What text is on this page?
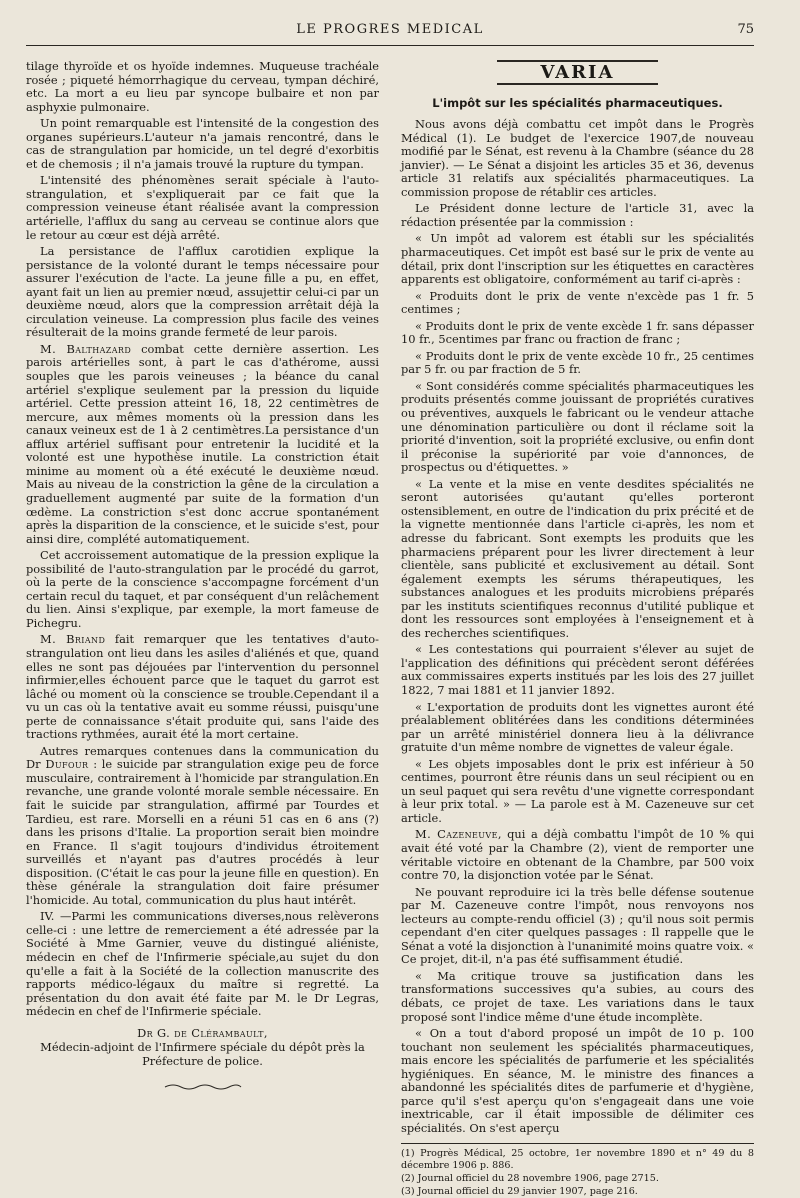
LE PROGRES MEDICAL	75

tilage thyroïde et os hyoïde indemnes. Muqueuse trachéale rosée ; piqueté hémorrhagique du cerveau, tympan déchiré, etc. La mort a eu lieu par syncope bulbaire et non par asphyxie pulmonaire.

Un point remarquable est l'intensité de la congestion des organes supérieurs.L'auteur n'a jamais rencontré, dans le cas de strangulation par homicide, un tel degré d'exorbitis et de chemosis ; il n'a jamais trouvé la rupture du tympan.

L'intensité des phénomènes serait spéciale à l'auto-strangulation, et s'expliquerait par ce fait que la compression veineuse étant réalisée avant la compression artérielle, l'afflux du sang au cerveau se continue alors que le retour au cœur est déjà arrêté.

La persistance de l'afflux carotidien explique la persistance de la volonté durant le temps nécessaire pour assurer l'exécution de l'acte. La jeune fille a pu, en effet, ayant fait un lien au premier nœud, assujettir celui-ci par un deuxième nœud, alors que la compression arrêtait déjà la circulation veineuse. La compression plus facile des veines résulterait de la moins grande fermeté de leur parois.

M. Balthazard combat cette dernière assertion. Les parois artérielles sont, à part le cas d'athérome, aussi souples que les parois veineuses ; la béance du canal artériel s'explique seulement par la pression du liquide artériel. Cette pression atteint 16, 18, 22 centimètres de mercure, aux mêmes moments où la pression dans les canaux veineux est de 1 à 2 centimètres.La persistance d'un afflux artériel suffisant pour entretenir la lucidité et la volonté est une hypothèse inutile. La constriction était minime au moment où a été exécuté le deuxième nœud. Mais au niveau de la constriction la gêne de la circulation a graduellement augmenté par suite de la formation d'un œdème. La constriction s'est donc accrue spontanément après la disparition de la conscience, et le suicide s'est, pour ainsi dire, complété automatiquement.

Cet accroissement automatique de la pression explique la possibilité de l'auto-strangulation par le procédé du garrot, où la perte de la conscience s'accompagne forcément d'un certain recul du taquet, et par conséquent d'un relâchement du lien. Ainsi s'explique, par exemple, la mort fameuse de Pichegru.

M. Briand fait remarquer que les tentatives d'auto-strangulation ont lieu dans les asiles d'aliénés et que, quand elles ne sont pas déjouées par l'intervention du personnel infirmier,elles échouent parce que le taquet du garrot est lâché ou moment où la conscience se trouble.Cependant il a vu un cas où la tentative avait eu somme réussi, puisqu'une perte de connaissance s'était produite qui, sans l'aide des tractions rythmées, aurait été la mort certaine.

Autres remarques contenues dans la communication du Dr Dufour : le suicide par strangulation exige peu de force musculaire, contrairement à l'homicide par strangulation.En revanche, une grande volonté morale semble nécessaire. En fait le suicide par strangulation, affirmé par Tourdes et Tardieu, est rare. Morselli en a réuni 51 cas en 6 ans (?) dans les prisons d'Italie. La proportion serait bien moindre en France. Il s'agit toujours d'individus étroitement surveillés et n'ayant pas d'autres procédés à leur disposition. (C'était le cas pour la jeune fille en question). En thèse générale la strangulation doit faire présumer l'homicide. Au total, communication du plus haut intérêt.

IV. —Parmi les communications diverses,nous relèverons celle-ci : une lettre de remerciement a été adressée par la Société à Mme Garnier, veuve du distingué aliéniste, médecin en chef de l'Infirmerie spéciale,au sujet du don qu'elle a fait à la Société de la collection manuscrite des rapports médico-légaux du maître si regretté. La présentation du don avait été faite par M. le Dr Legras, médecin en chef de l'Infirmerie spéciale.

Dr G. de Clérambault,
Médecin-adjoint de l'Infirmere spéciale du dépôt près la Préfecture de police.
VARIA
L'impôt sur les spécialités pharmaceutiques.

Nous avons déjà combattu cet impôt dans le Progrès Médical (1). Le budget de l'exercice 1907,de nouveau modifié par le Sénat, est revenu à la Chambre (séance du 28 janvier). — Le Sénat a disjoint les articles 35 et 36, devenus article 31 relatifs aux spécialités pharmaceutiques. La commission propose de rétablir ces articles.

Le Président donne lecture de l'article 31, avec la rédaction présentée par la commission :

« Un impôt ad valorem est établi sur les spécialités pharmaceutiques. Cet impôt est basé sur le prix de vente au détail, prix dont l'inscription sur les étiquettes en caractères apparents est obligatoire, conformément au tarif ci-après :

« Produits dont le prix de vente n'excède pas 1 fr. 5 centimes ;

« Produits dont le prix de vente excède 1 fr. sans dépasser 10 fr., 5centimes par franc ou fraction de franc ;

« Produits dont le prix de vente excède 10 fr., 25 centimes par 5 fr. ou par fraction de 5 fr.

« Sont considérés comme spécialités pharmaceutiques les produits présentés comme jouissant de propriétés curatives ou préventives, auxquels le fabricant ou le vendeur attache une dénomination particulière ou dont il réclame soit la priorité d'invention, soit la propriété exclusive, ou enfin dont il préconise la supériorité par voie d'annonces, de prospectus ou d'étiquettes. »

« La vente et la mise en vente desdites spécialités ne seront autorisées qu'autant qu'elles porteront ostensiblement, en outre de l'indication du prix précité et de la vignette mentionnée dans l'article ci-après, les nom et adresse du fabricant. Sont exempts les produits que les pharmaciens préparent pour les livrer directement à leur clientèle, sans publicité et exclusivement au détail. Sont également exempts les sérums thérapeutiques, les substances analogues et les produits microbiens préparés par les instituts scientifiques reconnus d'utilité publique et dont les ressources sont employées à l'enseignement et à des recherches scientifiques.

« Les contestations qui pourraient s'élever au sujet de l'application des définitions qui précèdent seront déférées aux commissaires experts institués par les lois des 27 juillet 1822, 7 mai 1881 et 11 janvier 1892.

« L'exportation de produits dont les vignettes auront été préalablement oblitérées dans les conditions déterminées par un arrêté ministériel donnera lieu à la délivrance gratuite d'un même nombre de vignettes de valeur égale.

« Les objets imposables dont le prix est inférieur à 50 centimes, pourront être réunis dans un seul récipient ou en un seul paquet qui sera revêtu d'une vignette correspondant à leur prix total. » — La parole est à M. Cazeneuve sur cet article.

M. Cazeneuve, qui a déjà combattu l'impôt de 10 % qui avait été voté par la Chambre (2), vient de remporter une véritable victoire en obtenant de la Chambre, par 500 voix contre 70, la disjonction votée par le Sénat.

Ne pouvant reproduire ici la très belle défense soutenue par M. Cazeneuve contre l'impôt, nous renvoyons nos lecteurs au compte-rendu officiel (3) ; qu'il nous soit permis cependant d'en citer quelques passages : Il rappelle que le Sénat a voté la disjonction à l'unanimité moins quatre voix. « Ce projet, dit-il, n'a pas été suffisamment étudié.

« Ma critique trouve sa justification dans les transformations successives qu'a subies, au cours des débats, ce projet de taxe. Les variations dans le taux proposé sont l'indice même d'une étude incomplète.

« On a tout d'abord proposé un impôt de 10 p. 100 touchant non seulement les spécialités pharmaceutiques, mais encore les spécialités de parfumerie et les spécialités hygiéniques. En séance, M. le ministre des finances a abandonné les spécialités dites de parfumerie et d'hygiène, parce qu'il s'est aperçu qu'on s'engageait dans une voie inextricable, car il était impossible de délimiter ces spécialités. On s'est aperçu

(1) Progrès Médical, 25 octobre, 1er novembre 1890 et n° 49 du 8 décembre 1906 p. 886.
(2) Journal officiel du 28 novembre 1906, page 2715.
(3) Journal officiel du 29 janvier 1907, page 216.
